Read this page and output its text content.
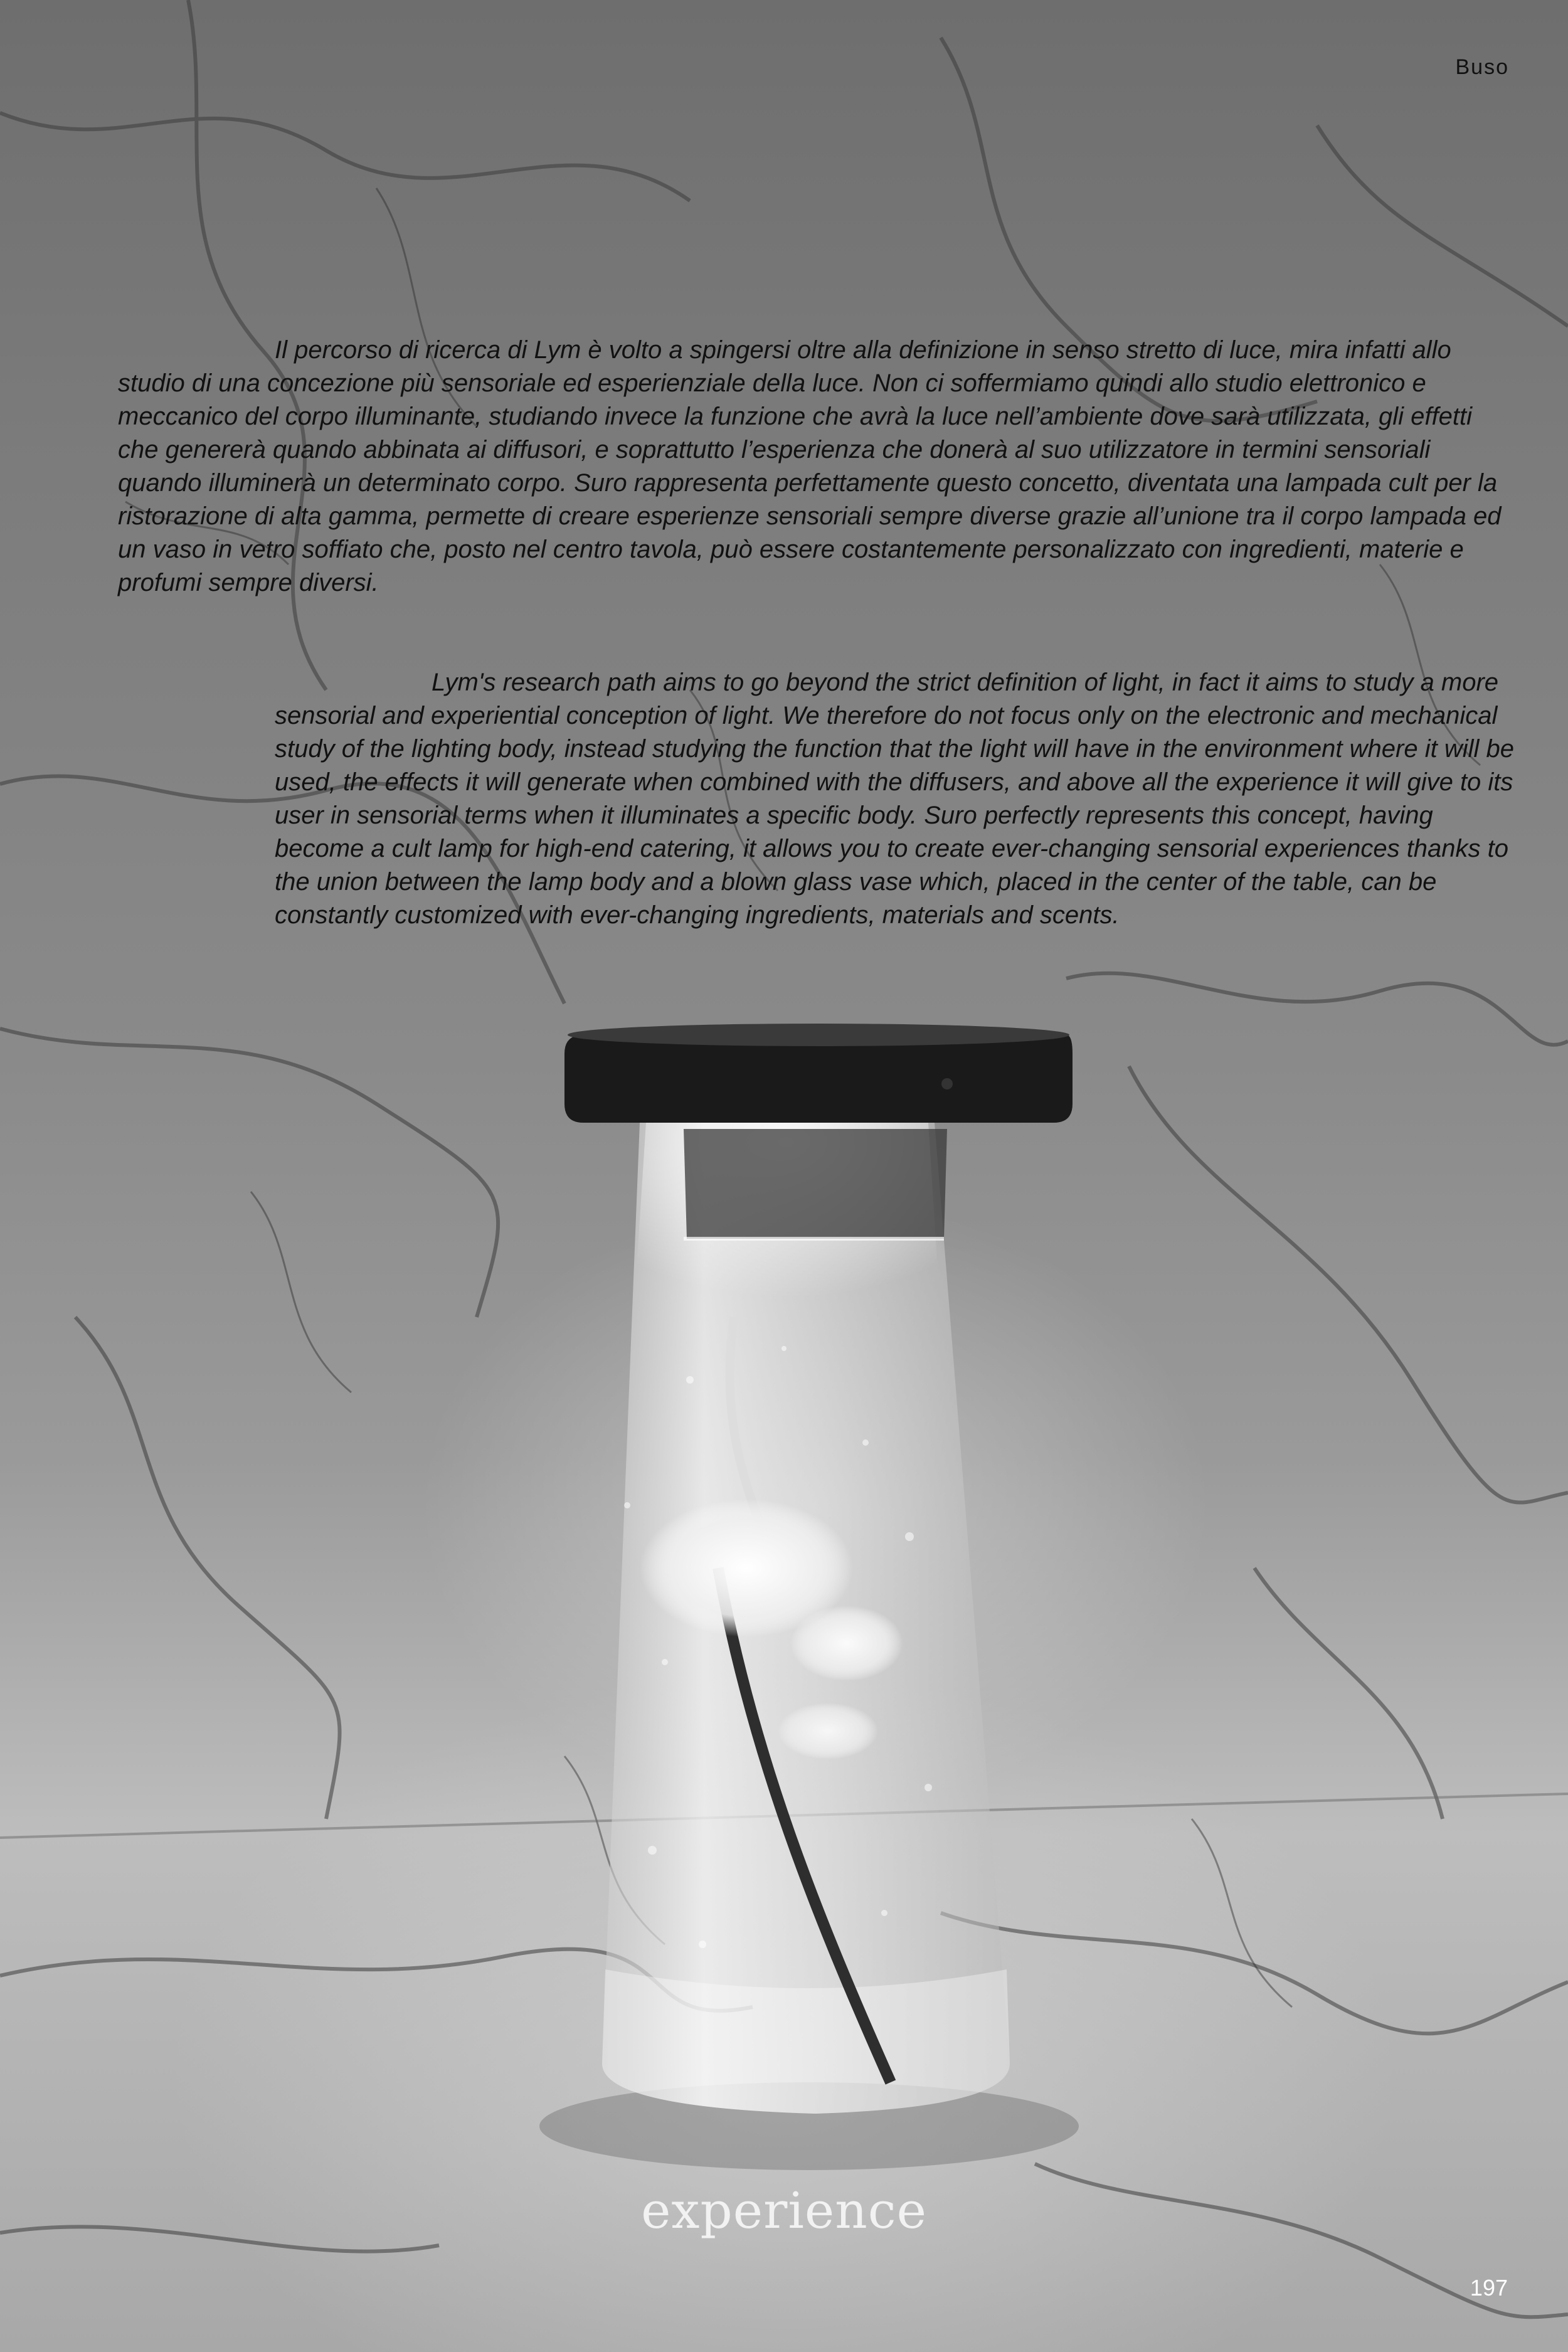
Buso

Il percorso di ricerca di Lym è volto a spingersi oltre alla definizione in senso stretto di luce, mira infatti allo studio di una concezione più sensoriale ed esperienziale della luce. Non ci soffermiamo quindi allo studio elettronico e meccanico del corpo illuminante, studiando invece la funzione che avrà la luce nell’ambiente dove sarà utilizzata, gli effetti che genererà quando abbinata ai diffusori, e soprattutto l’esperienza che donerà al suo utilizzatore in termini sensoriali quando illuminerà un determinato corpo. Suro rappresenta perfettamente questo concetto, diventata una lampada cult per la ristorazione di alta gamma, permette di creare esperienze sensoriali sempre diverse grazie all’unione tra il corpo lampada ed un vaso in vetro soffiato che, posto nel centro tavola, può essere costantemente personalizzato con ingredienti, materie e profumi sempre diversi.

Lym's research path aims to go beyond the strict definition of light, in fact it aims to study a more sensorial and experiential conception of light. We therefore do not focus only on the electronic and mechanical study of the lighting body, instead studying the function that the light will have in the environment where it will be used, the effects it will generate when combined with the diffusers, and above all the experience it will give to its user in sensorial terms when it illuminates a specific body. Suro perfectly represents this concept, having become a cult lamp for high-end catering, it allows you to create ever-changing sensorial experiences thanks to the union between the lamp body and a blown glass vase which, placed in the center of the table, can be constantly customized with ever-changing ingredients, materials and scents.

experience
197
